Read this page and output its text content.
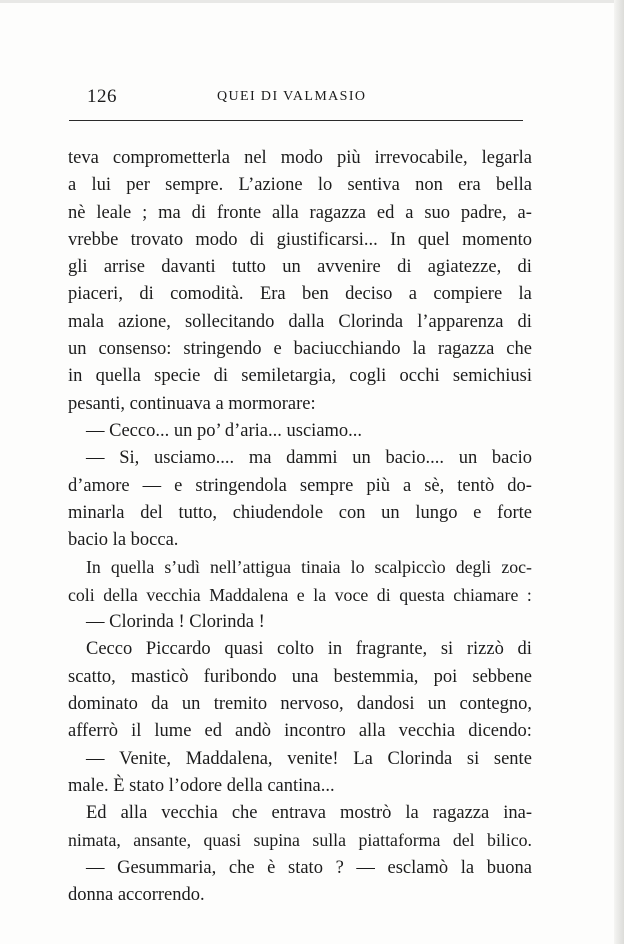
126	QUEI DI VALMASIO
teva comprometterla nel modo più irrevocabile, legarla
a lui per sempre. L’azione lo sentiva non era bella
nè leale ; ma di fronte alla ragazza ed a suo padre, a-
vrebbe trovato modo di giustificarsi... In quel momento
gli arrise davanti tutto un avvenire di agiatezze, di
piaceri, di comodità. Era ben deciso a compiere la
mala azione, sollecitando dalla Clorinda l’apparenza di
un consenso: stringendo e baciucchiando la ragazza che
in quella specie di semiletargia, cogli occhi semichiusi
pesanti, continuava a mormorare:
— Cecco... un po’ d’aria... usciamo...
— Si, usciamo.... ma dammi un bacio.... un bacio
d’amore — e stringendola sempre più a sè, tentò do-
minarla del tutto, chiudendole con un lungo e forte
bacio la bocca.
In quella s’udì nell’attigua tinaia lo scalpiccìo degli zoc-
coli della vecchia Maddalena e la voce di questa chiamare :
— Clorinda ! Clorinda !
Cecco Piccardo quasi colto in fragrante, si rizzò di
scatto, masticò furibondo una bestemmia, poi sebbene
dominato da un tremito nervoso, dandosi un contegno,
afferrò il lume ed andò incontro alla vecchia dicendo:
— Venite, Maddalena, venite! La Clorinda si sente
male. È stato l’odore della cantina...
Ed alla vecchia che entrava mostrò la ragazza ina-
nimata, ansante, quasi supina sulla piattaforma del bilico.
— Gesummaria, che è stato ? — esclamò la buona
donna accorrendo.
